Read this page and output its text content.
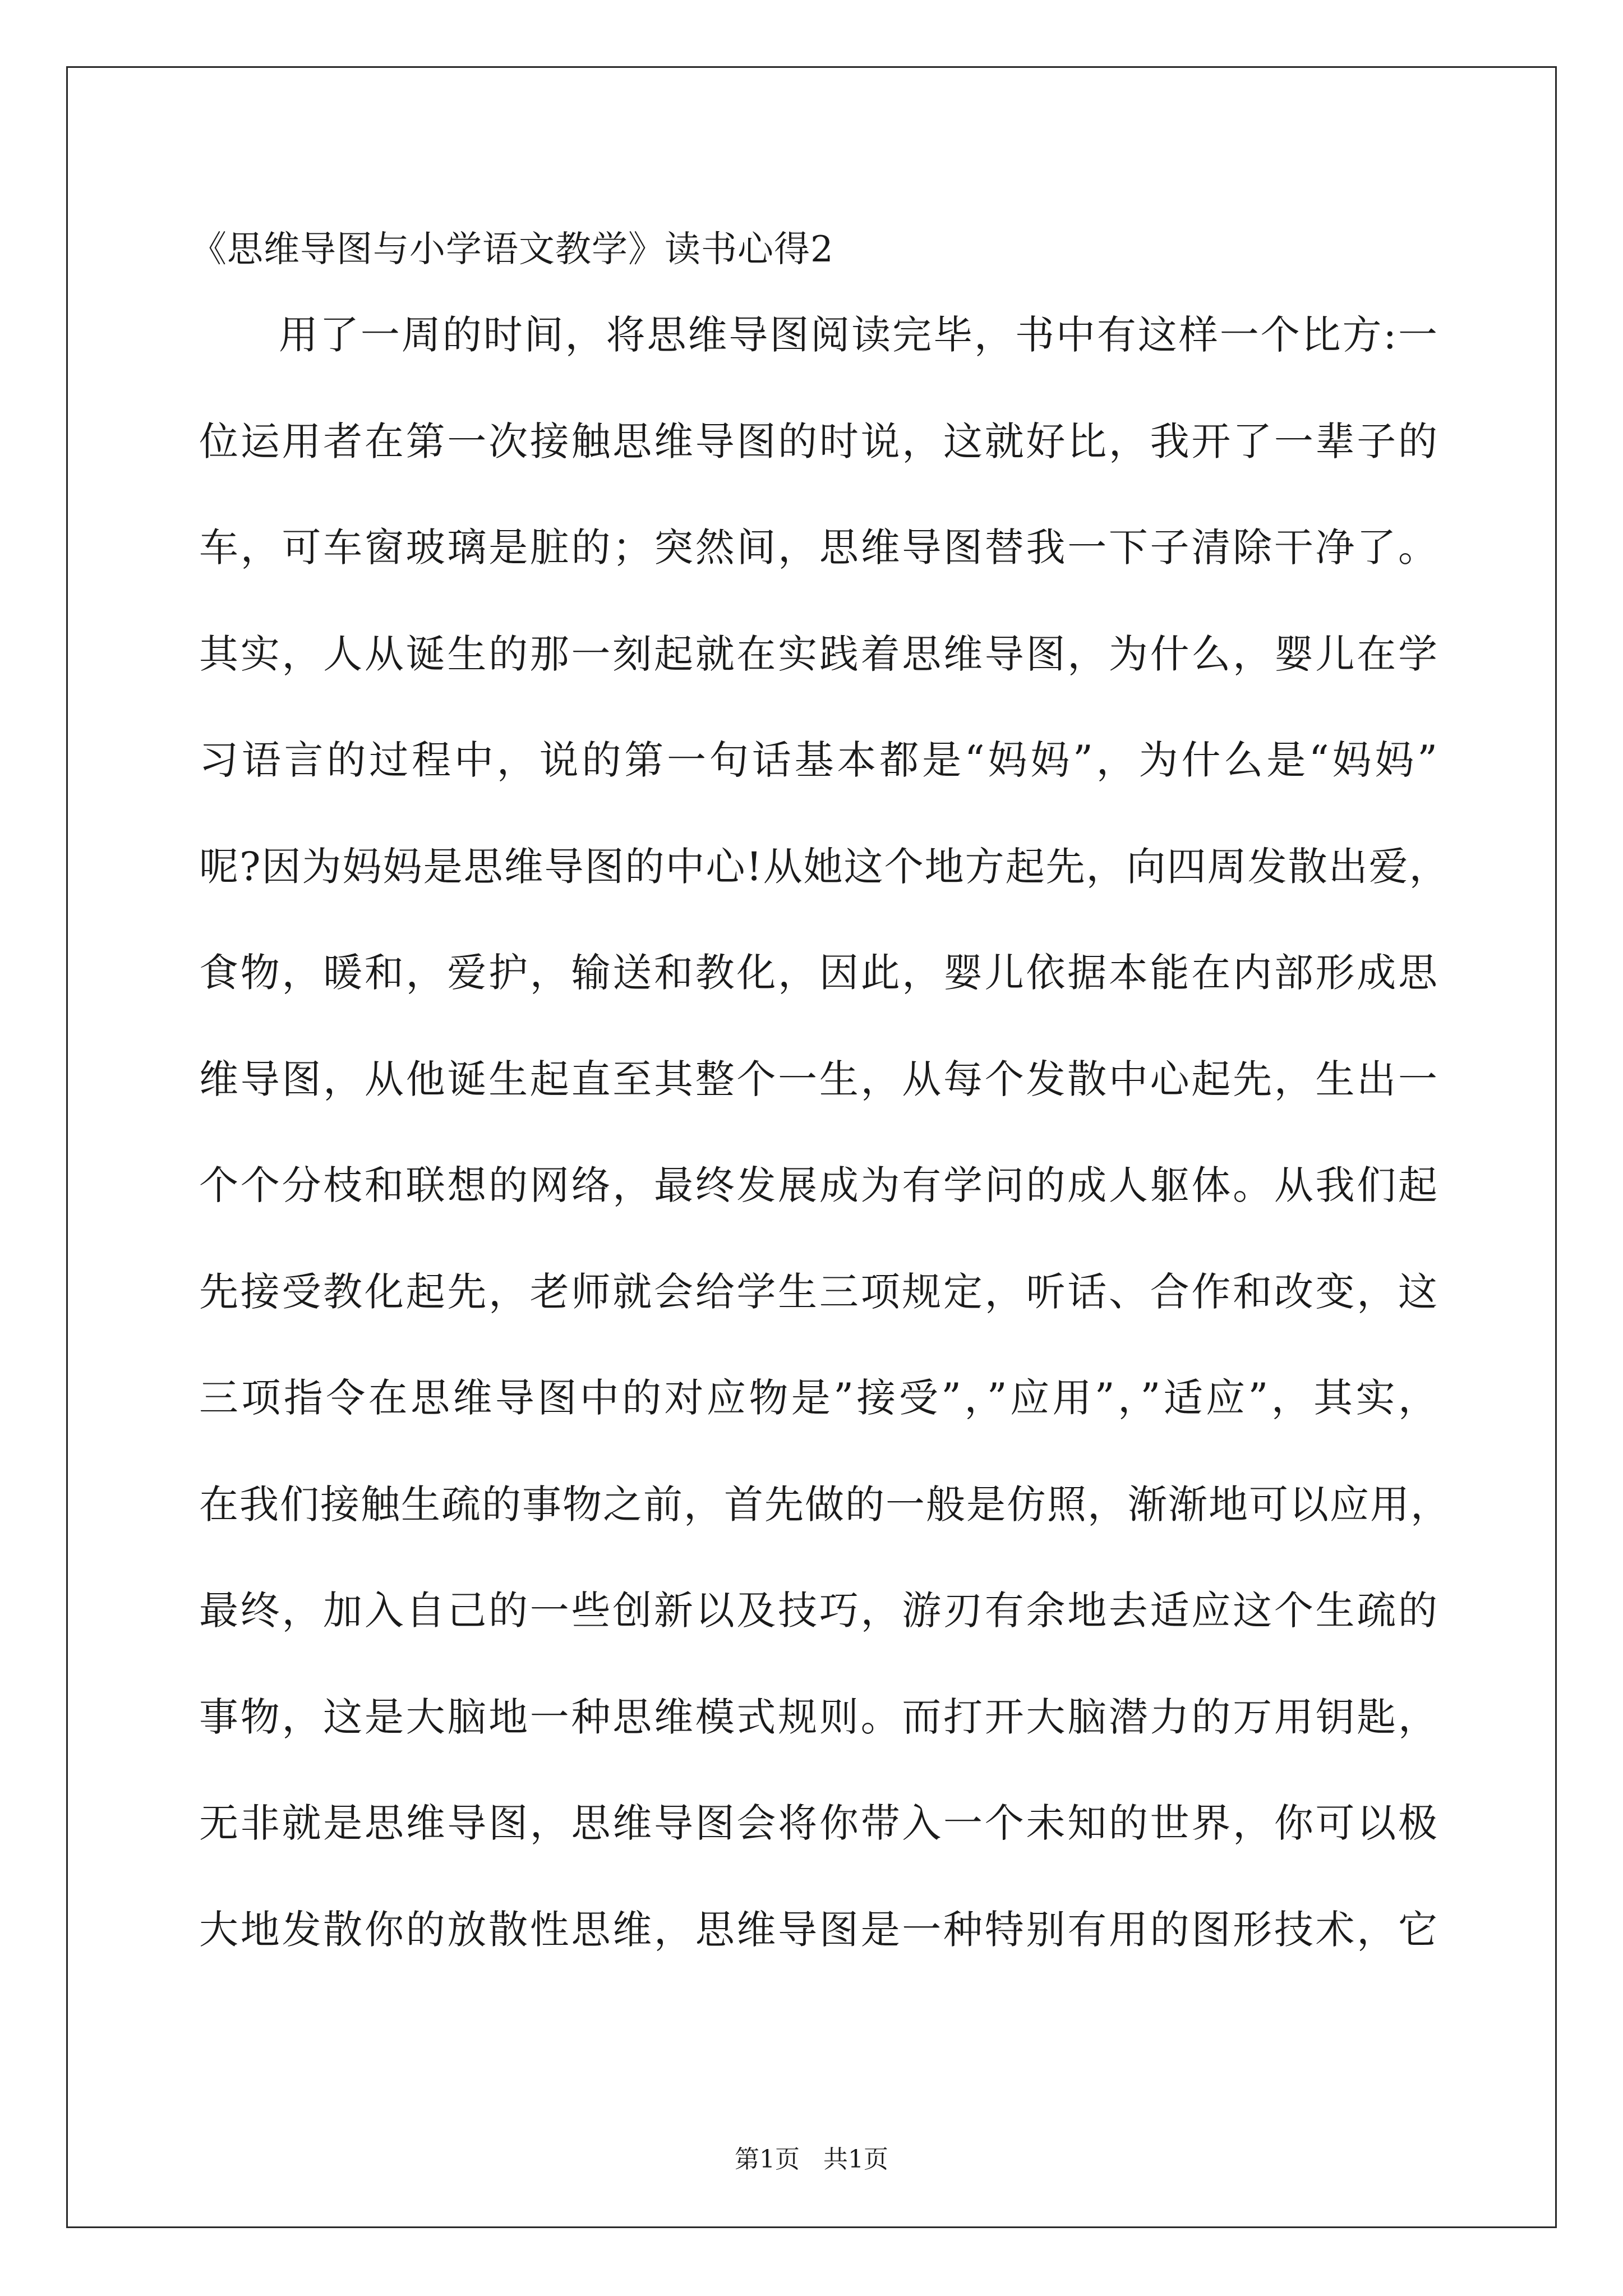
《思维导图与小学语文教学》读书心得2
用了一周的时间，将思维导图阅读完毕，书中有这样一个比方:一
位运用者在第一次接触思维导图的时说，这就好比，我开了一辈子的
车，可车窗玻璃是脏的；突然间，思维导图替我一下子清除干净了。
其实，人从诞生的那一刻起就在实践着思维导图，为什么，婴儿在学
习语言的过程中，说的第一句话基本都是“妈妈”，为什么是“妈妈”
呢?因为妈妈是思维导图的中心!从她这个地方起先，向四周发散出爱，
食物，暖和，爱护，输送和教化，因此，婴儿依据本能在内部形成思
维导图，从他诞生起直至其整个一生，从每个发散中心起先，生出一
个个分枝和联想的网络，最终发展成为有学问的成人躯体。从我们起
先接受教化起先，老师就会给学生三项规定，听话、合作和改变，这
三项指令在思维导图中的对应物是”接受”，”应用”，”适应”，其实，
在我们接触生疏的事物之前，首先做的一般是仿照，渐渐地可以应用，
最终，加入自己的一些创新以及技巧，游刃有余地去适应这个生疏的
事物，这是大脑地一种思维模式规则。而打开大脑潜力的万用钥匙，
无非就是思维导图，思维导图会将你带入一个未知的世界，你可以极
大地发散你的放散性思维，思维导图是一种特别有用的图形技术，它
第1页   共1页
